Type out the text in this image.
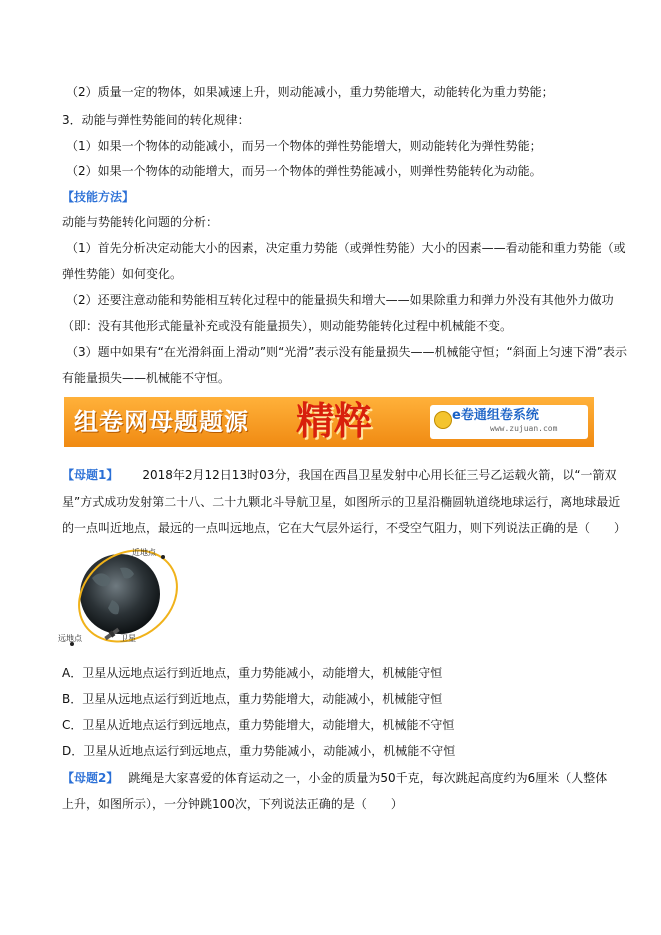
（2）质量一定的物体，如果减速上升，则动能减小，重力势能增大，动能转化为重力势能；
3．动能与弹性势能间的转化规律：
（1）如果一个物体的动能减小，而另一个物体的弹性势能增大，则动能转化为弹性势能；
（2）如果一个物体的动能增大，而另一个物体的弹性势能减小，则弹性势能转化为动能。
【技能方法】
动能与势能转化问题的分析：
（1）首先分析决定动能大小的因素，决定重力势能（或弹性势能）大小的因素——看动能和重力势能（或
弹性势能）如何变化。
（2）还要注意动能和势能相互转化过程中的能量损失和增大——如果除重力和弹力外没有其他外力做功
（即：没有其他形式能量补充或没有能量损失），则动能势能转化过程中机械能不变。
（3）题中如果有“在光滑斜面上滑动”则“光滑”表示没有能量损失——机械能守恒；“斜面上匀速下滑”表示
有能量损失——机械能不守恒。
组卷网母题题源 精粹	e卷通组卷系统
www.zujuan.com
【母题1】 2018年2月12日13时03分，我国在西昌卫星发射中心用长征三号乙运载火箭，以“一箭双
星”方式成功发射第二十八、二十九颗北斗导航卫星，如图所示的卫星沿椭圆轨道绕地球运行，离地球最近
的一点叫近地点，最远的一点叫远地点，它在大气层外运行，不受空气阻力，则下列说法正确的是（　　）
近地点
远地点	卫星
A．卫星从远地点运行到近地点，重力势能减小，动能增大，机械能守恒
B．卫星从远地点运行到近地点，重力势能增大，动能减小，机械能守恒
C．卫星从近地点运行到远地点，重力势能增大，动能增大，机械能不守恒
D．卫星从近地点运行到远地点，重力势能减小，动能减小，机械能不守恒
【母题2】 跳绳是大家喜爱的体育运动之一，小金的质量为50千克，每次跳起高度约为6厘米（人整体
上升，如图所示），一分钟跳100次，下列说法正确的是（　　）
